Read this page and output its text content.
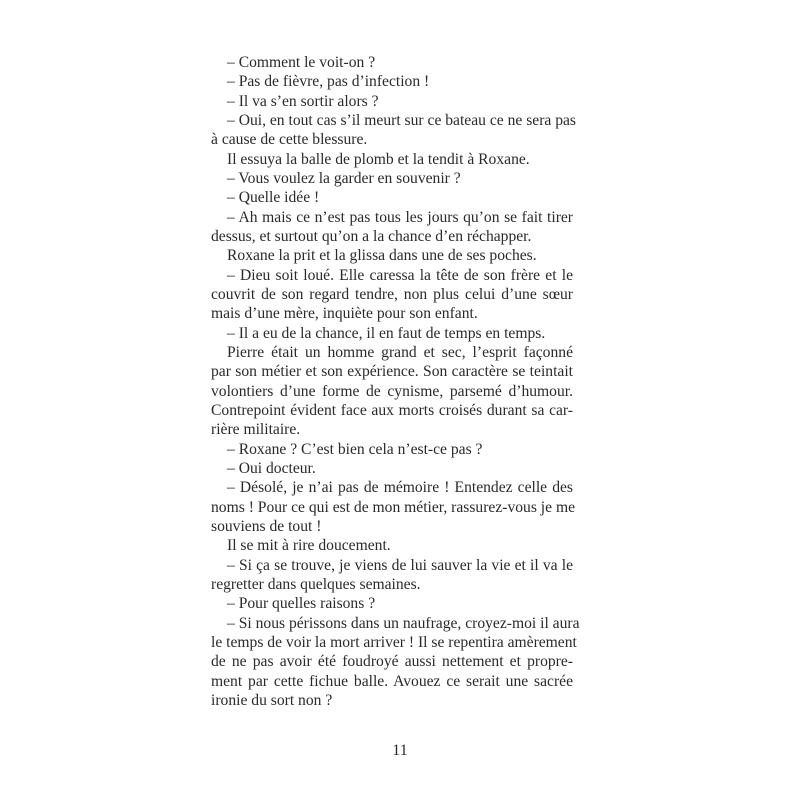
– Comment le voit-on ?
– Pas de fièvre, pas d’infection !
– Il va s’en sortir alors ?
– Oui, en tout cas s’il meurt sur ce bateau ce ne sera pas
à cause de cette blessure.
Il essuya la balle de plomb et la tendit à Roxane.
– Vous voulez la garder en souvenir ?
– Quelle idée !
– Ah mais ce n’est pas tous les jours qu’on se fait tirer
dessus, et surtout qu’on a la chance d’en réchapper.
Roxane la prit et la glissa dans une de ses poches.
– Dieu soit loué. Elle caressa la tête de son frère et le
couvrit de son regard tendre, non plus celui d’une sœur
mais d’une mère, inquiète pour son enfant.
– Il a eu de la chance, il en faut de temps en temps.
Pierre était un homme grand et sec, l’esprit façonné
par son métier et son expérience. Son caractère se teintait
volontiers d’une forme de cynisme, parsemé d’humour.
Contrepoint évident face aux morts croisés durant sa car-
rière militaire.
– Roxane ? C’est bien cela n’est-ce pas ?
– Oui docteur.
– Désolé, je n’ai pas de mémoire ! Entendez celle des
noms ! Pour ce qui est de mon métier, rassurez-vous je me
souviens de tout !
Il se mit à rire doucement.
– Si ça se trouve, je viens de lui sauver la vie et il va le
regretter dans quelques semaines.
– Pour quelles raisons ?
– Si nous périssons dans un naufrage, croyez-moi il aura
le temps de voir la mort arriver ! Il se repentira amèrement
de ne pas avoir été foudroyé aussi nettement et propre-
ment par cette fichue balle. Avouez ce serait une sacrée
ironie du sort non ?
11
